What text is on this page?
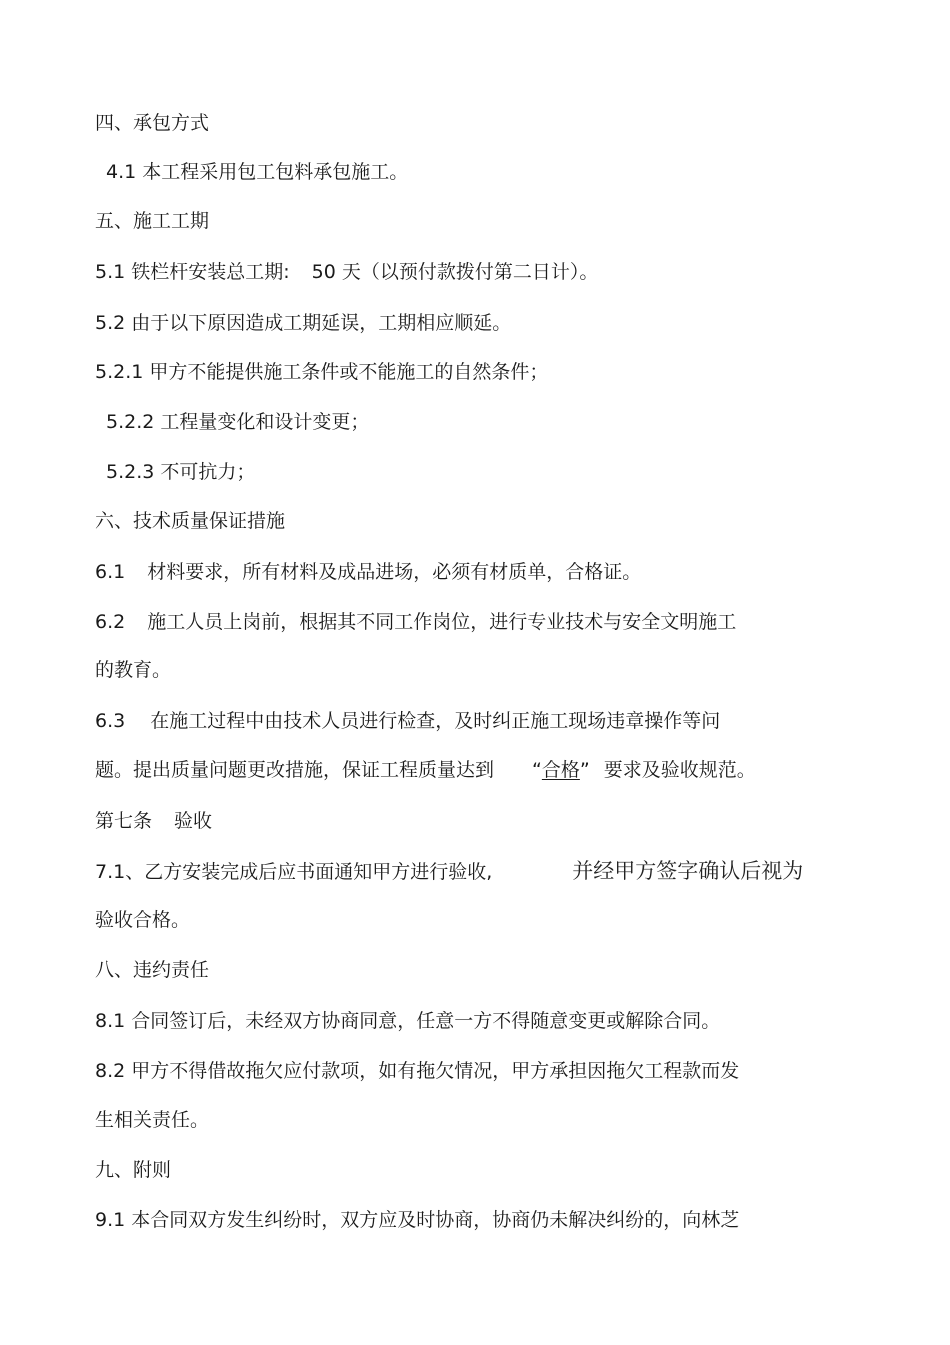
四、承包方式
4.1 本工程采用包工包料承包施工。
五、施工工期
5.1 铁栏杆安装总工期: 50 天（以预付款拨付第二日计）。
5.2 由于以下原因造成工期延误，工期相应顺延。
5.2.1 甲方不能提供施工条件或不能施工的自然条件；
5.2.2 工程量变化和设计变更；
5.2.3 不可抗力；
六、技术质量保证措施
6.1 材料要求，所有材料及成品进场，必须有材质单，合格证。
6.2 施工人员上岗前，根据其不同工作岗位，进行专业技术与安全文明施工
的教育。
6.3 在施工过程中由技术人员进行检查，及时纠正施工现场违章操作等问
题。提出质量问题更改措施，保证工程质量达到 “合格” 要求及验收规范。
第七条 验收
7.1、乙方安装完成后应书面通知甲方进行验收,	并经甲方签字确认后视为
验收合格。
八、违约责任
8.1 合同签订后，未经双方协商同意，任意一方不得随意变更或解除合同。
8.2 甲方不得借故拖欠应付款项，如有拖欠情况，甲方承担因拖欠工程款而发
生相关责任。
九、附则
9.1 本合同双方发生纠纷时，双方应及时协商，协商仍未解决纠纷的，向林芝
